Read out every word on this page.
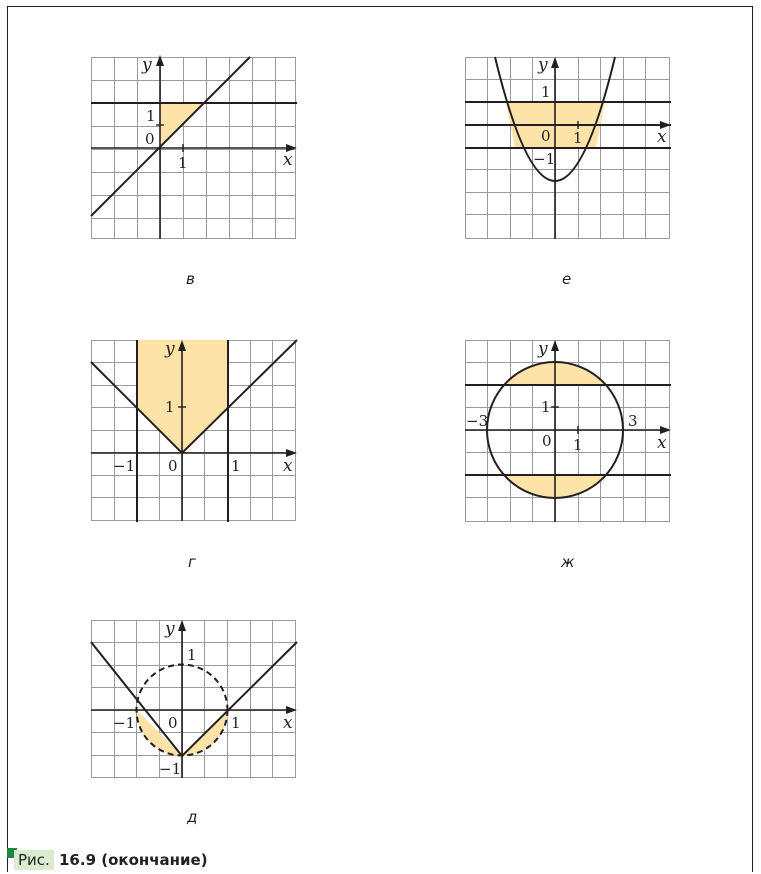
y
x
1
0
1
в
y
x
1
−1 0	1
г
y
x
1
−1 0	1
−1
д
y
x
1
0 1
−1
е
y
x
1
−3	3
0 1
ж
Рис. 16.9 (окончание)
